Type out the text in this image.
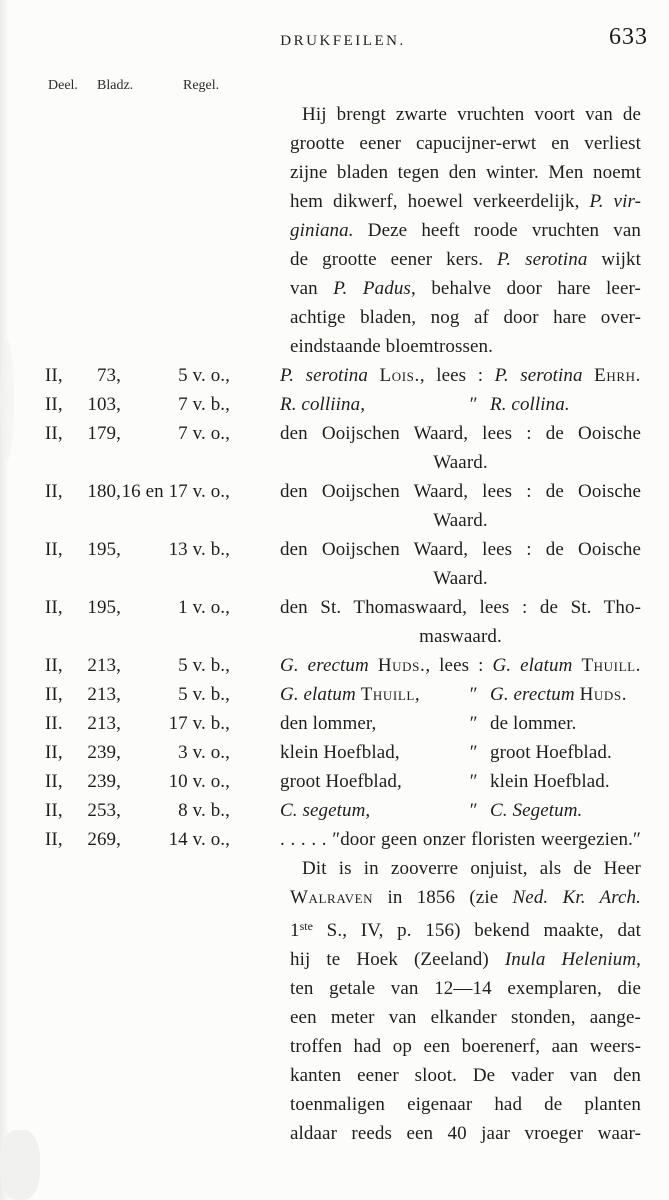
DRUKFEILEN.	633
Deel. Bladz.	Regel.
Hij brengt zwarte vruchten voort van de
grootte eener capucijner-erwt en verliest
zijne bladen tegen den winter. Men noemt
hem dikwerf, hoewel verkeerdelijk, P. vir-
giniana. Deze heeft roode vruchten van
de grootte eener kers. P. serotina wijkt
van P. Padus, behalve door hare leer-
achtige bladen, nog af door hare over-
eindstaande bloemtrossen.
II,	73,	5 v. o.,	P. serotina Lois., lees : P. serotina Ehrh.
II,	103,	7 v. b.,	R. colliina,	″ R. collina.
II,	179,	7 v. o.,	den Ooijschen Waard, lees : de Ooische
Waard.
II,	180, 16 en 17 v. o.,	den Ooijschen Waard, lees : de Ooische
Waard.
II,	195,	13 v. b.,	den Ooijschen Waard, lees : de Ooische
Waard.
II,	195,	1 v. o.,	den St. Thomaswaard, lees : de St. Tho-
maswaard.
II,	213,	5 v. b.,	G. erectum Huds., lees : G. elatum Thuill.
II,	213,	5 v. b.,	G. elatum Thuill,	″ G. erectum Huds.
II.	213,	17 v. b.,	den lommer,	″ de lommer.
II,	239,	3 v. o.,	klein Hoefblad,	″ groot Hoefblad.
II,	239,	10 v. o.,	groot Hoefblad,	″ klein Hoefblad.
II,	253,	8 v. b.,	C. segetum,	″ C. Segetum.
II,	269,	14 v. o.,	. . . . . ″door geen onzer floristen weergezien.″
Dit is in zooverre onjuist, als de Heer
Walraven in 1856 (zie Ned. Kr. Arch.
1ste S., IV, p. 156) bekend maakte, dat
hij te Hoek (Zeeland) Inula Helenium,
ten getale van 12—14 exemplaren, die
een meter van elkander stonden, aange-
troffen had op een boerenerf, aan weers-
kanten eener sloot. De vader van den
toenmaligen eigenaar had de planten
aldaar reeds een 40 jaar vroeger waar-
